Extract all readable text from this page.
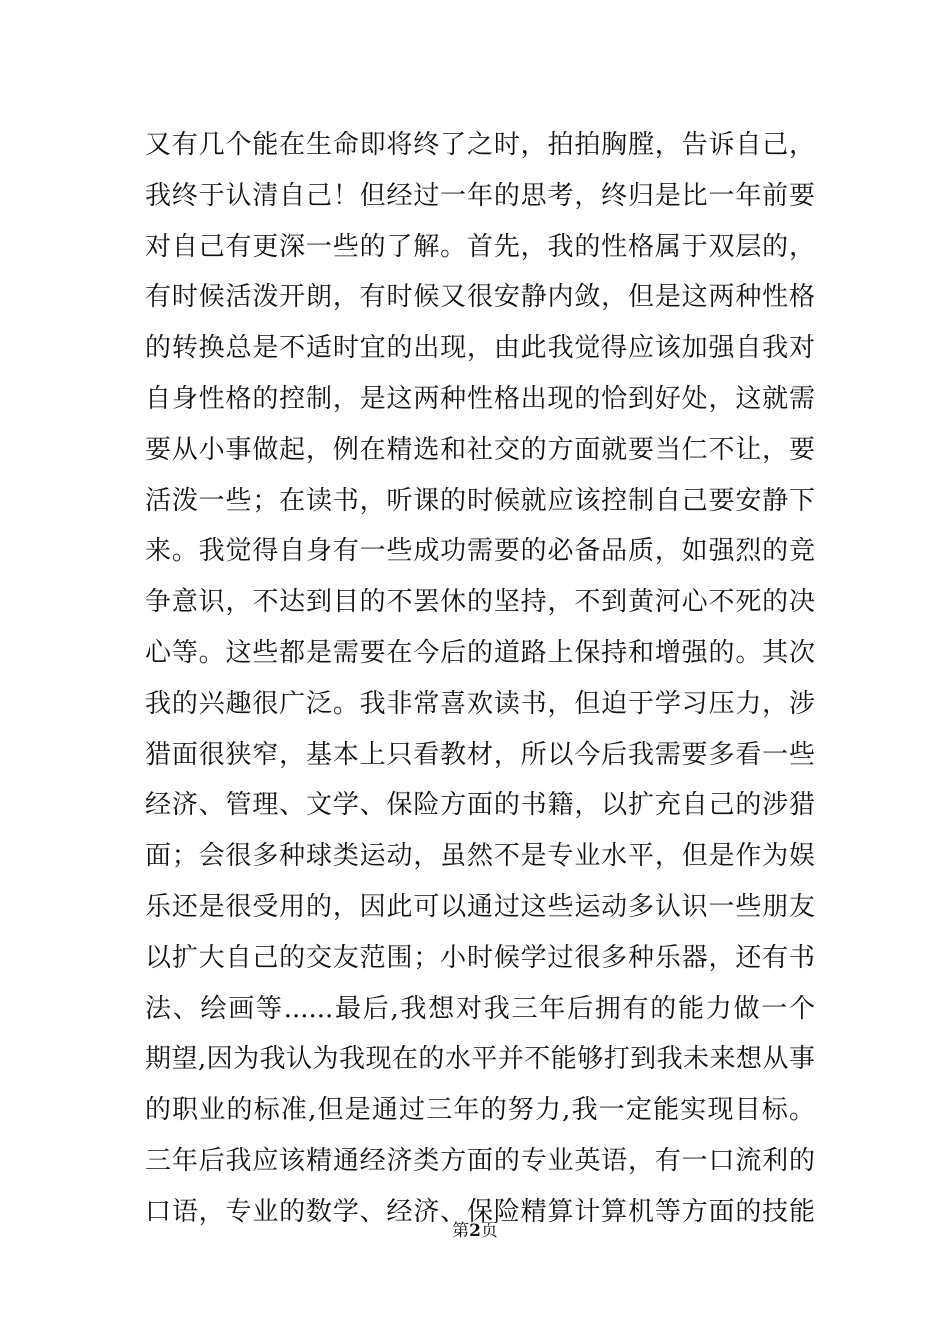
又有几个能在生命即将终了之时，拍拍胸膛，告诉自己，
我终于认清自己！但经过一年的思考，终归是比一年前要
对自己有更深一些的了解。首先，我的性格属于双层的，
有时候活泼开朗，有时候又很安静内敛，但是这两种性格
的转换总是不适时宜的出现，由此我觉得应该加强自我对
自身性格的控制，是这两种性格出现的恰到好处，这就需
要从小事做起，例在精选和社交的方面就要当仁不让，要
活泼一些；在读书，听课的时候就应该控制自己要安静下
来。我觉得自身有一些成功需要的必备品质，如强烈的竞
争意识，不达到目的不罢休的坚持，不到黄河心不死的决
心等。这些都是需要在今后的道路上保持和增强的。其次
我的兴趣很广泛。我非常喜欢读书，但迫于学习压力，涉
猎面很狭窄，基本上只看教材，所以今后我需要多看一些
经济、管理、文学、保险方面的书籍，以扩充自己的涉猎
面；会很多种球类运动，虽然不是专业水平，但是作为娱
乐还是很受用的，因此可以通过这些运动多认识一些朋友
以扩大自己的交友范围；小时候学过很多种乐器，还有书
法、绘画等......最后,我想对我三年后拥有的能力做一个
期望,因为我认为我现在的水平并不能够打到我未来想从事
的职业的标准,但是通过三年的努力,我一定能实现目标。
三年后我应该精通经济类方面的专业英语，有一口流利的
口语，专业的数学、经济、保险精算计算机等方面的技能
第2页
